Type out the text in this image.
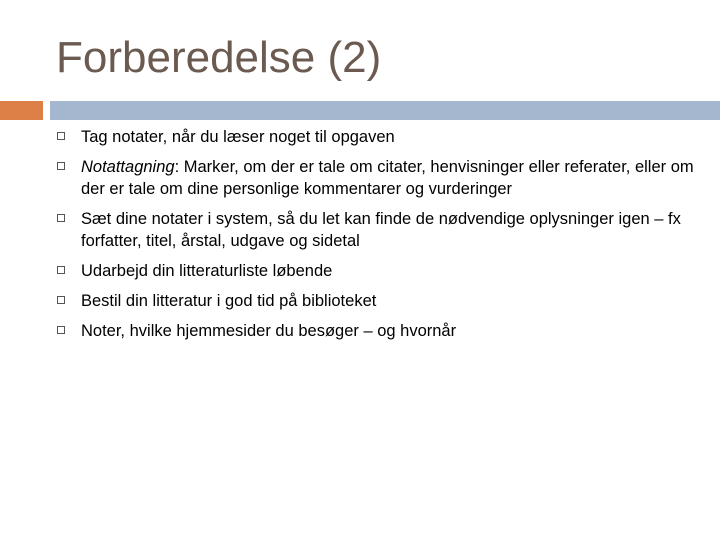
Forberedelse (2)
Tag notater, når du læser noget til opgaven
Notattagning: Marker, om der er tale om citater, henvisninger eller referater, eller om der er tale om dine personlige kommentarer og vurderinger
Sæt dine notater i system, så du let kan finde de nødvendige oplysninger igen – fx forfatter, titel, årstal, udgave og sidetal
Udarbejd din litteraturliste løbende
Bestil din litteratur i god tid på biblioteket
Noter, hvilke hjemmesider du besøger – og hvornår
